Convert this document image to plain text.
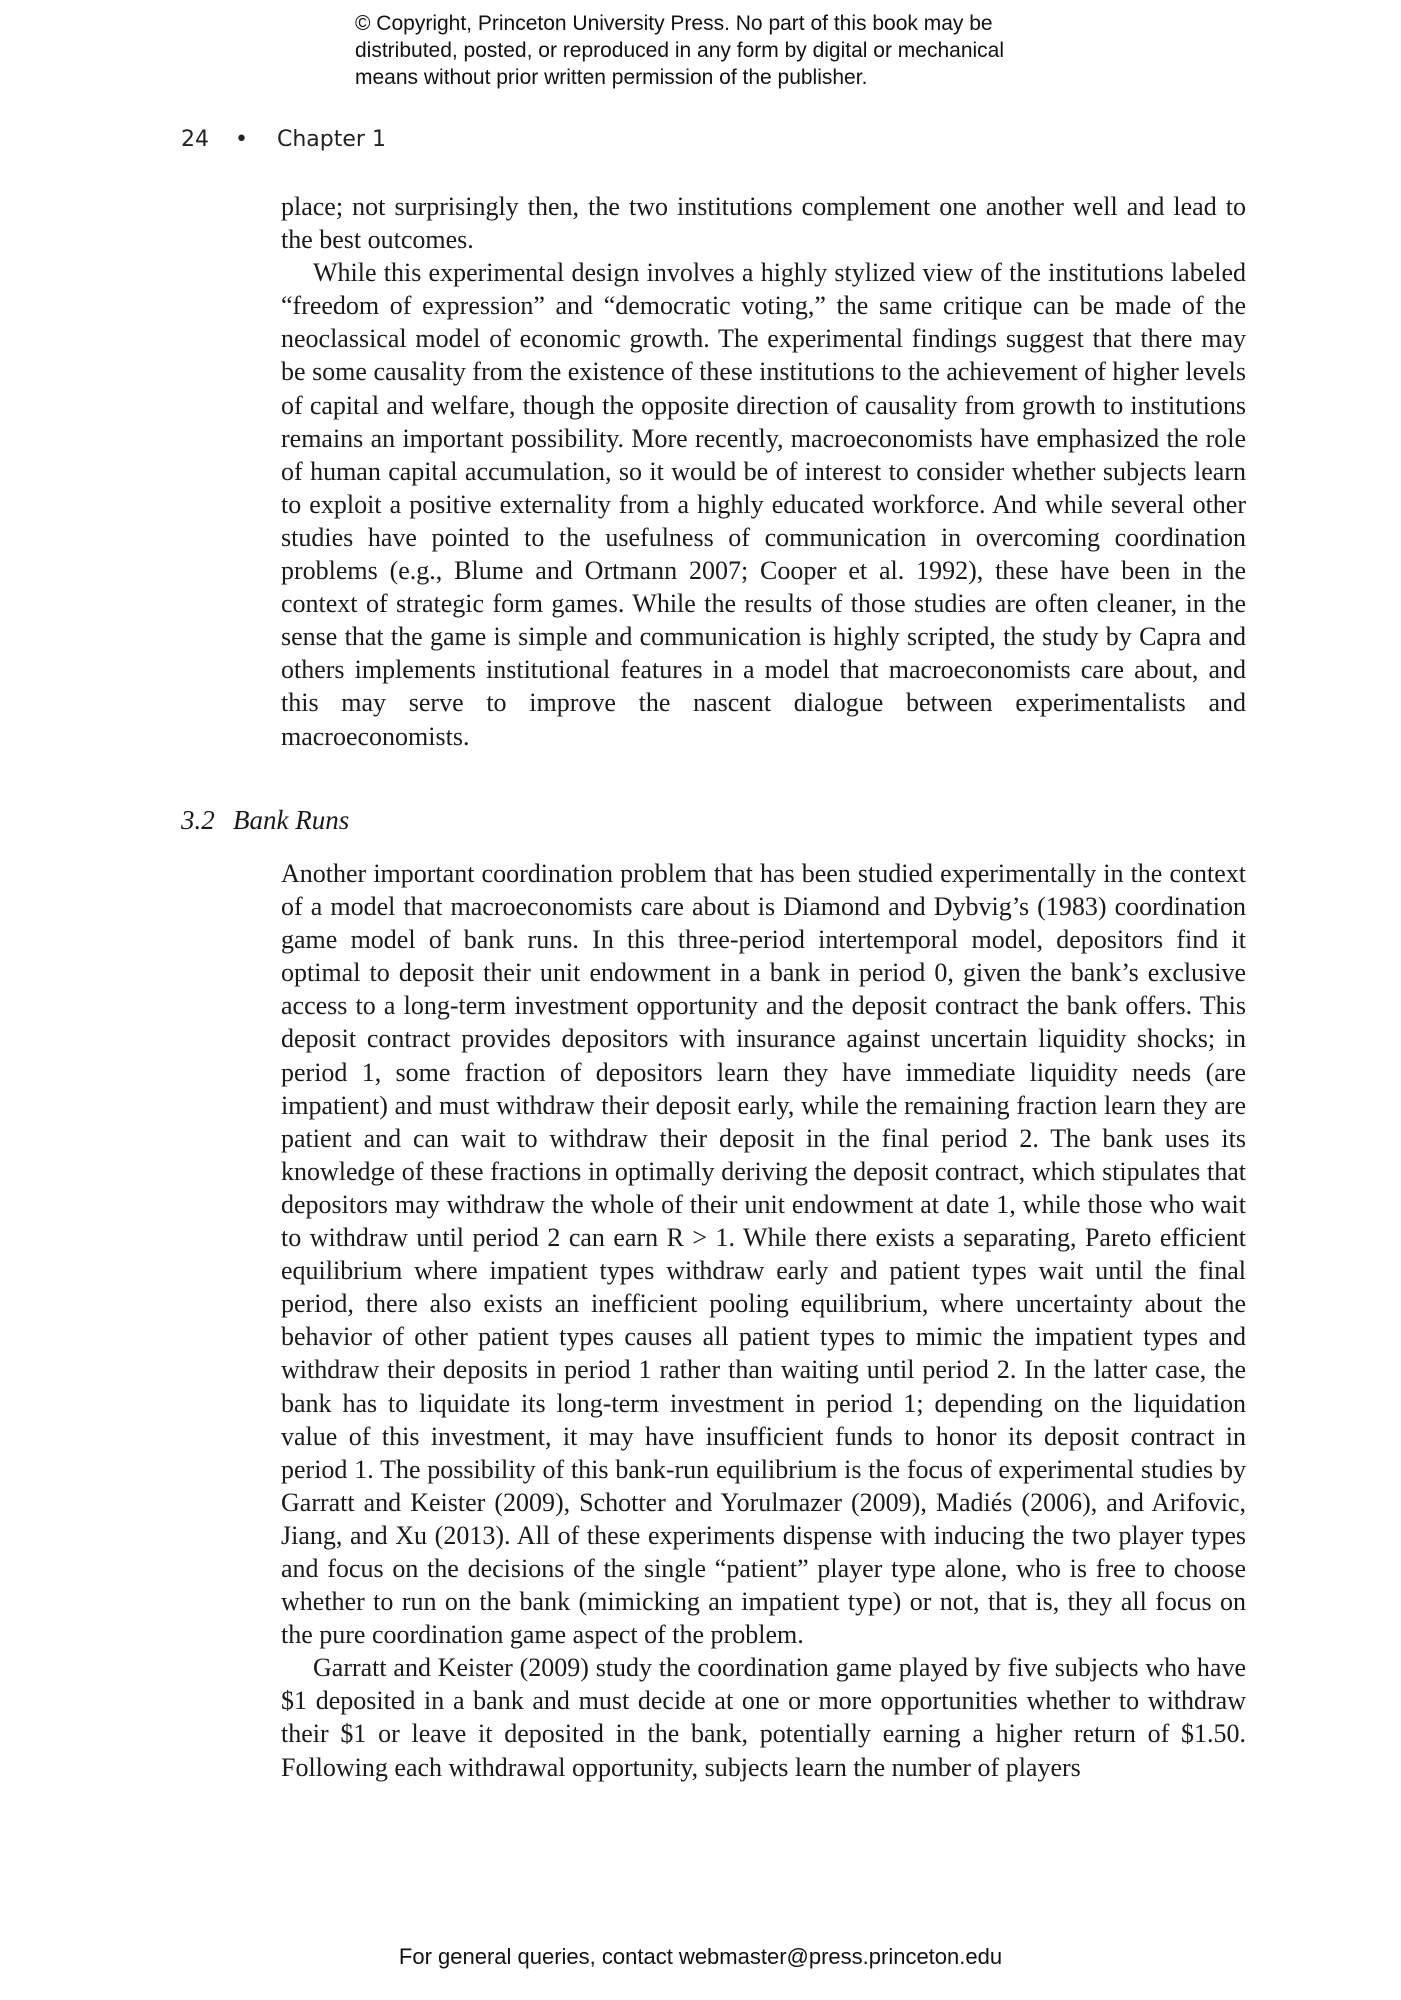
© Copyright, Princeton University Press. No part of this book may be

distributed, posted, or reproduced in any form by digital or mechanical

means without prior written permission of the publisher.

24 • Chapter 1

place; not surprisingly then, the two institutions complement one another well and lead to the best outcomes.

While this experimental design involves a highly stylized view of the institutions labeled “freedom of expression” and “democratic voting,” the same critique can be made of the neoclassical model of economic growth. The experimental findings suggest that there may be some causality from the existence of these institutions to the achievement of higher levels of capital and welfare, though the opposite direction of causality from growth to institutions remains an important possibility. More recently, macroeconomists have emphasized the role of human capital accumulation, so it would be of interest to consider whether subjects learn to exploit a positive externality from a highly educated workforce. And while several other studies have pointed to the usefulness of communication in overcoming coordination problems (e.g., Blume and Ortmann 2007; Cooper et al. 1992), these have been in the context of strategic form games. While the results of those studies are often cleaner, in the sense that the game is simple and communication is highly scripted, the study by Capra and others implements institutional features in a model that macroeconomists care about, and this may serve to improve the nascent dialogue between experimentalists and macroeconomists.

3.2 Bank Runs

Another important coordination problem that has been studied experimentally in the context of a model that macroeconomists care about is Diamond and Dybvig’s (1983) coordination game model of bank runs. In this three-period intertemporal model, depositors find it optimal to deposit their unit endowment in a bank in period 0, given the bank’s exclusive access to a long-term investment opportunity and the deposit contract the bank offers. This deposit contract provides depositors with insurance against uncertain liquidity shocks; in period 1, some fraction of depositors learn they have immediate liquidity needs (are impatient) and must withdraw their deposit early, while the remaining fraction learn they are patient and can wait to withdraw their deposit in the final period 2. The bank uses its knowledge of these fractions in optimally deriving the deposit contract, which stipulates that depositors may withdraw the whole of their unit endowment at date 1, while those who wait to withdraw until period 2 can earn R > 1. While there exists a separating, Pareto efficient equilibrium where impatient types withdraw early and patient types wait until the final period, there also exists an inefficient pooling equilibrium, where uncertainty about the behavior of other patient types causes all patient types to mimic the impatient types and withdraw their deposits in period 1 rather than waiting until period 2. In the latter case, the bank has to liquidate its long-term investment in period 1; depending on the liquidation value of this investment, it may have insufficient funds to honor its deposit contract in period 1. The possibility of this bank-run equilibrium is the focus of experimental studies by Garratt and Keister (2009), Schotter and Yorulmazer (2009), Madiés (2006), and Arifovic, Jiang, and Xu (2013). All of these experiments dispense with inducing the two player types and focus on the decisions of the single “patient” player type alone, who is free to choose whether to run on the bank (mimicking an impatient type) or not, that is, they all focus on the pure coordination game aspect of the problem.

Garratt and Keister (2009) study the coordination game played by five subjects who have $1 deposited in a bank and must decide at one or more opportunities whether to withdraw their $1 or leave it deposited in the bank, potentially earning a higher return of $1.50. Following each withdrawal opportunity, subjects learn the number of players

For general queries, contact webmaster@press.princeton.edu
